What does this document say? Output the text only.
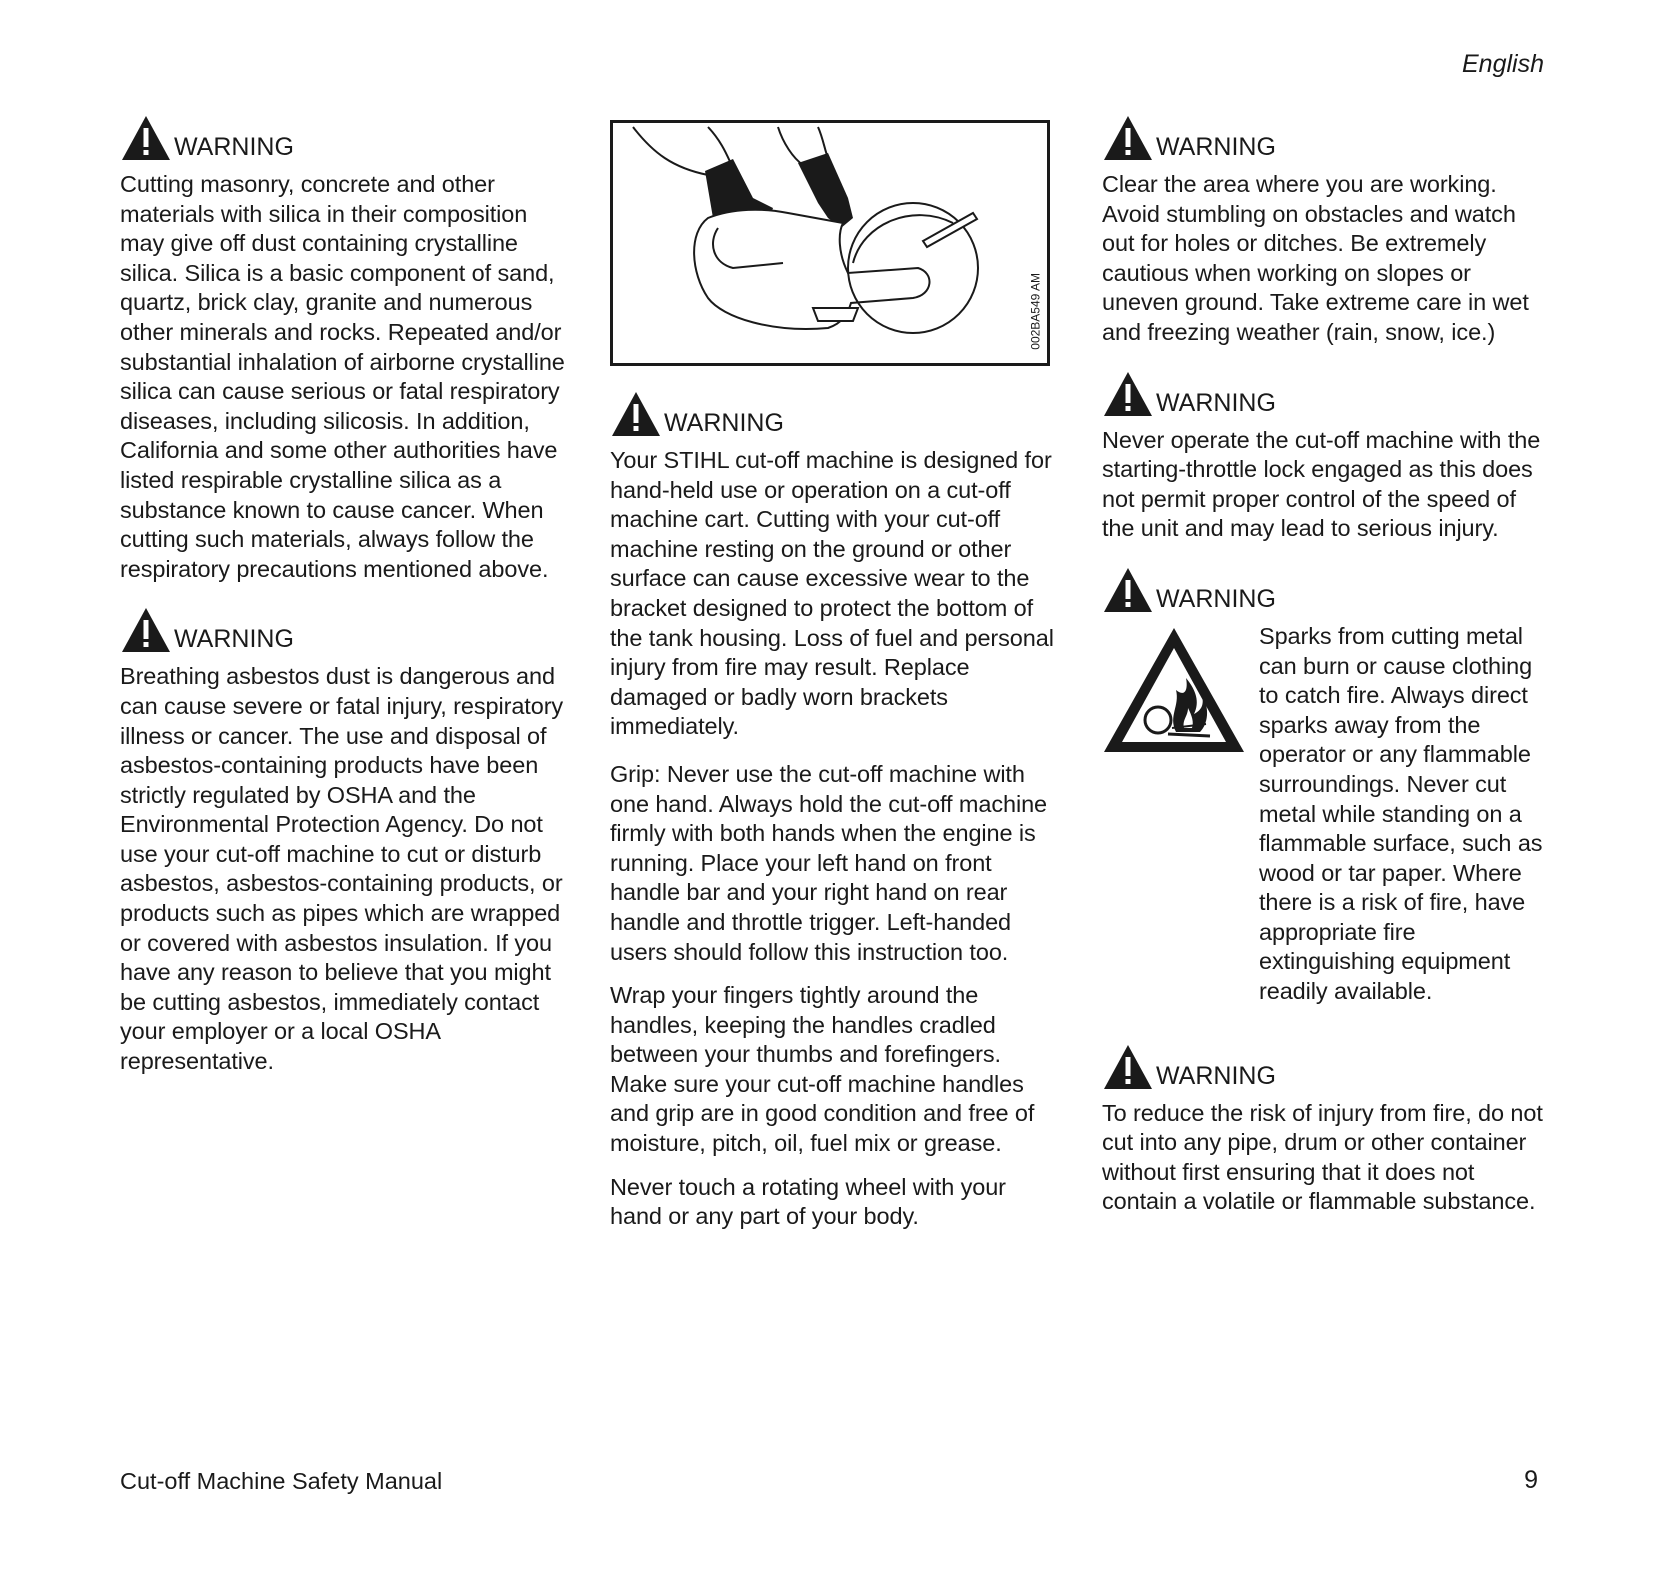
English
WARNING

Cutting masonry, concrete and other materials with silica in their composition may give off dust containing crystalline silica. Silica is a basic component of sand, quartz, brick clay, granite and numerous other minerals and rocks. Repeated and/or substantial inhalation of airborne crystalline silica can cause serious or fatal respiratory diseases, including silicosis. In addition, California and some other authorities have listed respirable crystalline silica as a substance known to cause cancer. When cutting such materials, always follow the respiratory precautions mentioned above.

WARNING

Breathing asbestos dust is dangerous and can cause severe or fatal injury, respiratory illness or cancer. The use and disposal of asbestos-containing products have been strictly regulated by OSHA and the Environmental Protection Agency. Do not use your cut-off machine to cut or disturb asbestos, asbestos-containing products, or products such as pipes which are wrapped or covered with asbestos insulation. If you have any reason to believe that you might be cutting asbestos, immediately contact your employer or a local OSHA representative.

002BA549 AM
WARNING

Your STIHL cut-off machine is designed for hand-held use or operation on a cut-off machine cart. Cutting with your cut-off machine resting on the ground or other surface can cause excessive wear to the bracket designed to protect the bottom of the tank housing. Loss of fuel and personal injury from fire may result. Replace damaged or badly worn brackets immediately.

Grip: Never use the cut-off machine with one hand. Always hold the cut-off machine firmly with both hands when the engine is running. Place your left hand on front handle bar and your right hand on rear handle and throttle trigger. Left-handed users should follow this instruction too.

Wrap your fingers tightly around the handles, keeping the handles cradled between your thumbs and forefingers. Make sure your cut-off machine handles and grip are in good condition and free of moisture, pitch, oil, fuel mix or grease.

Never touch a rotating wheel with your hand or any part of your body.

WARNING

Clear the area where you are working. Avoid stumbling on obstacles and watch out for holes or ditches. Be extremely cautious when working on slopes or uneven ground. Take extreme care in wet and freezing weather (rain, snow, ice.)

WARNING

Never operate the cut-off machine with the starting-throttle lock engaged as this does not permit proper control of the speed of the unit and may lead to serious injury.

WARNING

Sparks from cutting metal can burn or cause clothing to catch fire. Always direct sparks away from the operator or any flammable surroundings. Never cut metal while standing on a flammable surface, such as wood or tar paper. Where there is a risk of fire, have appropriate fire extinguishing equipment readily available.

WARNING

To reduce the risk of injury from fire, do not cut into any pipe, drum or other container without first ensuring that it does not contain a volatile or flammable substance.

Cut-off Machine Safety Manual	9
